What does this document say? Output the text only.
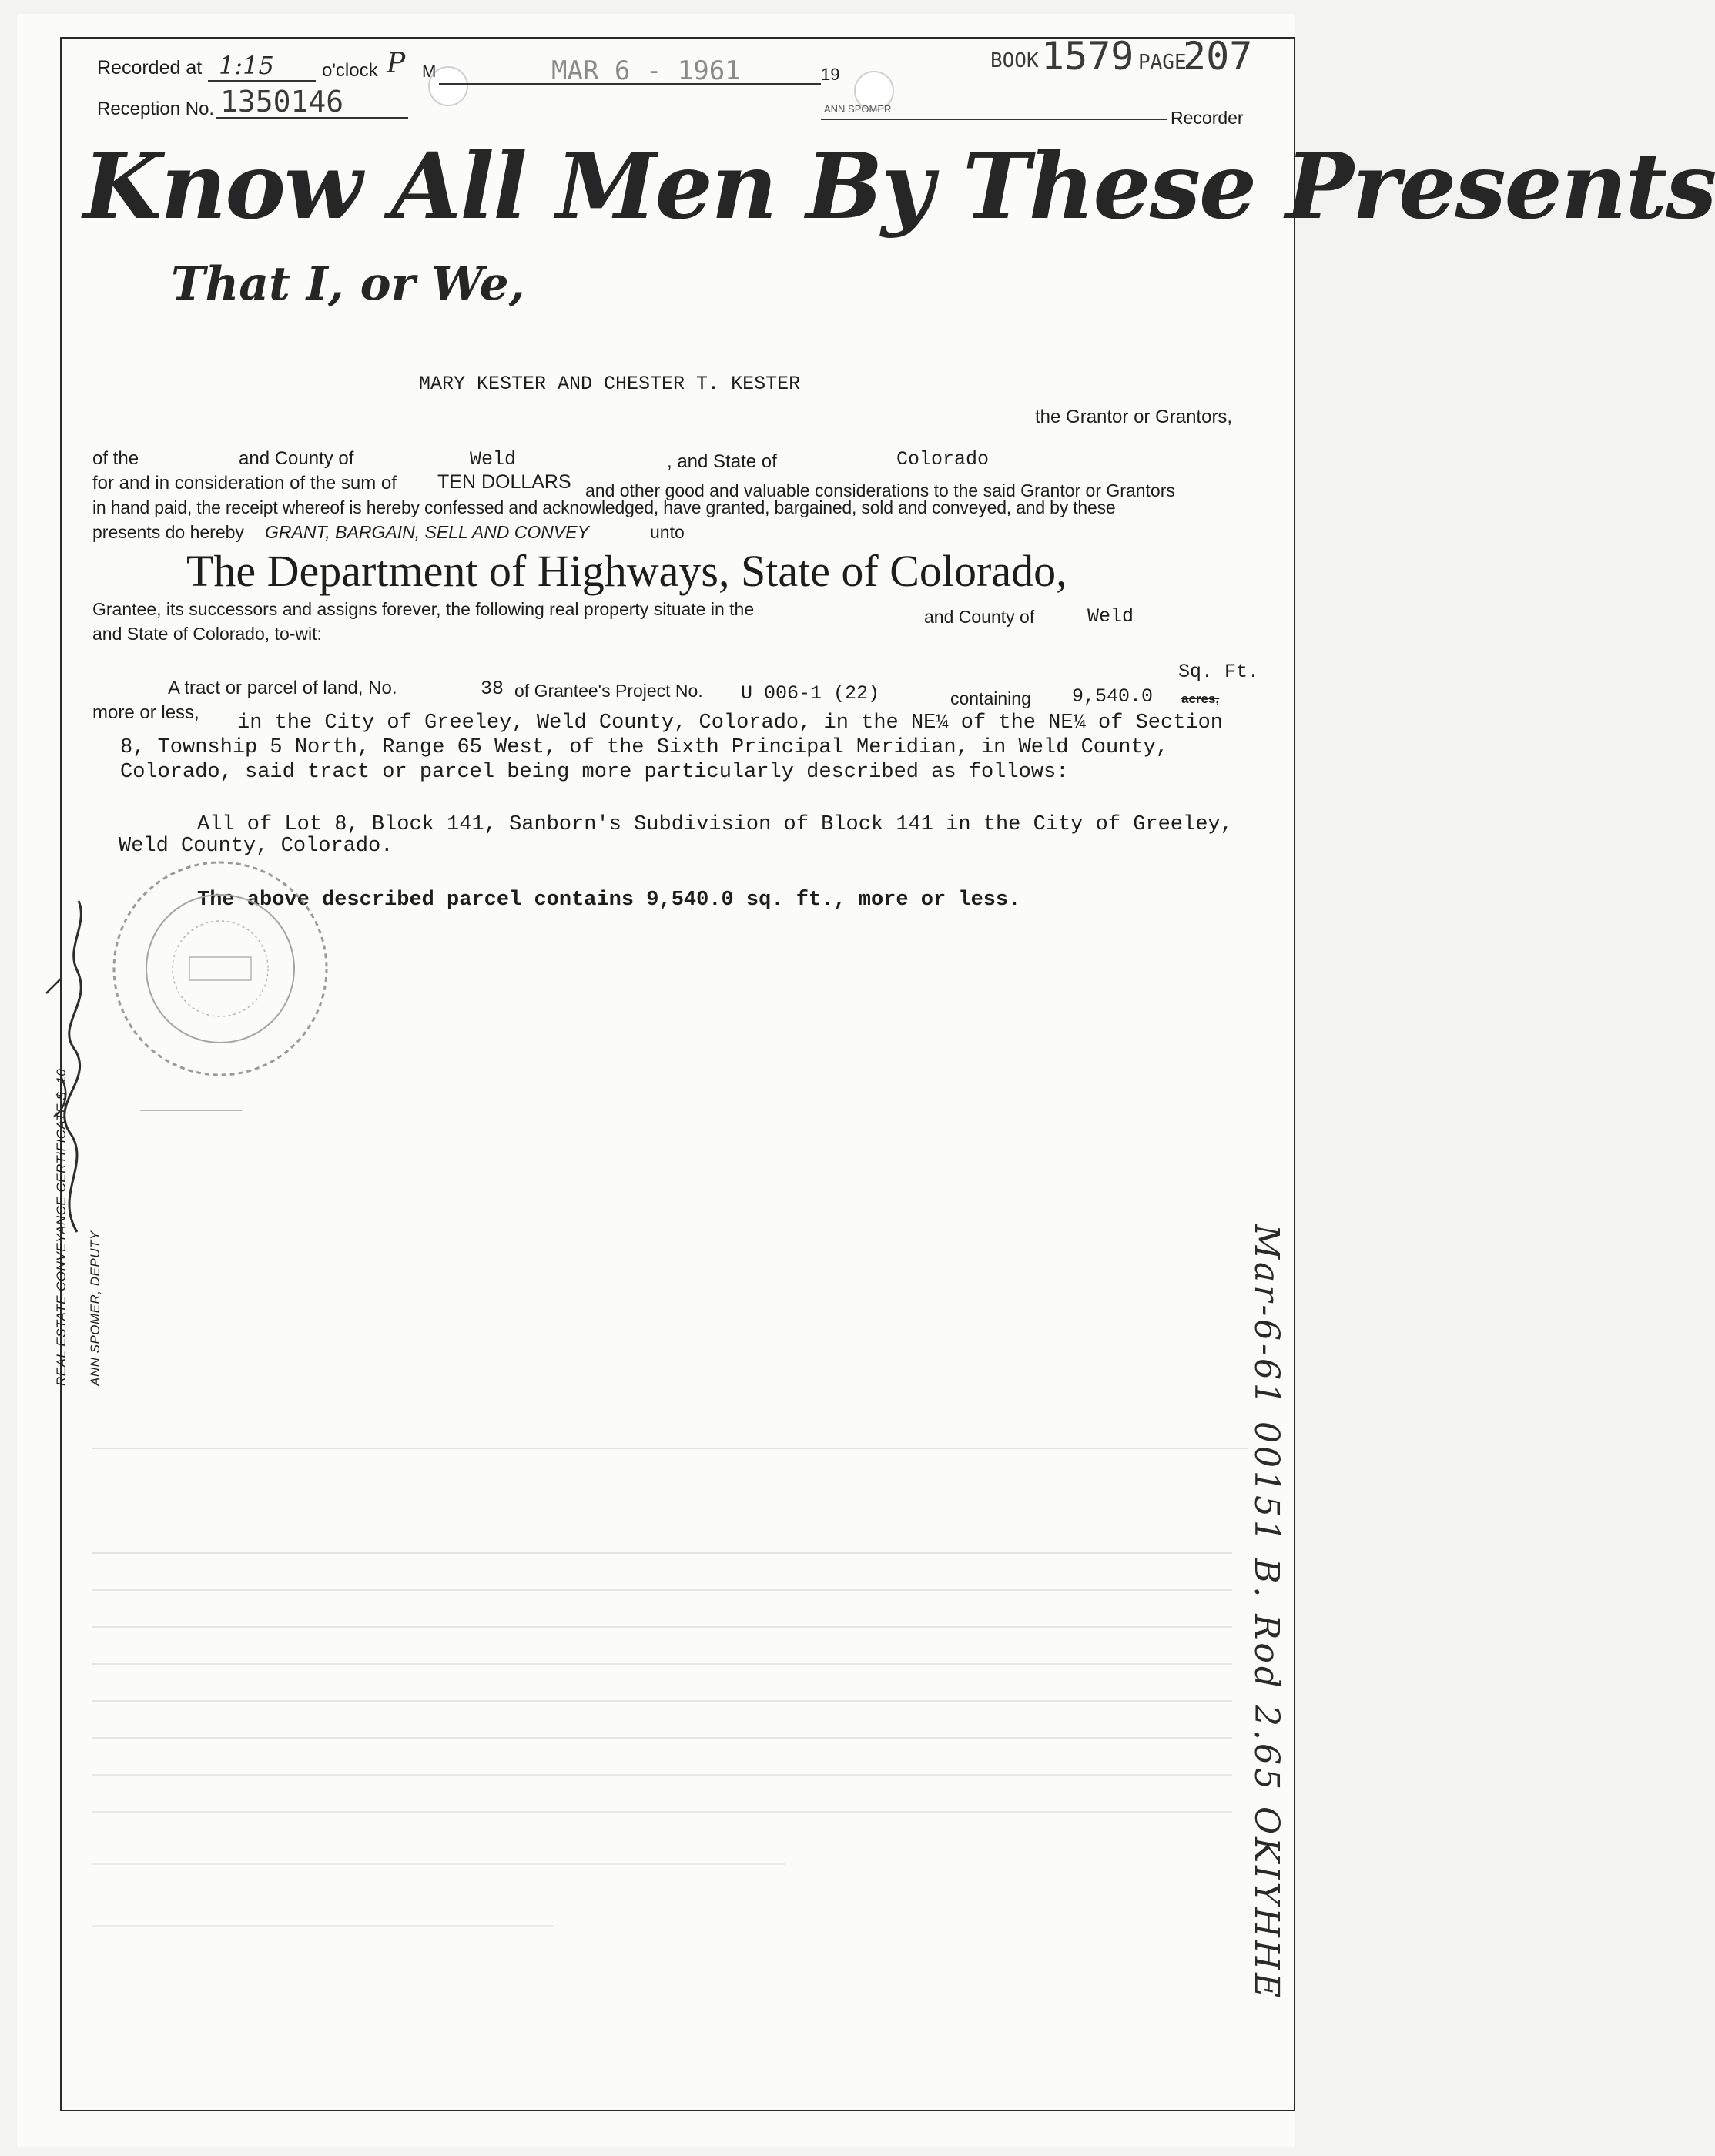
Recorded at 1:15	o'clock P M	MAR 6 - 1961	19
BOOK 1579 PAGE
207
Reception No. 1350146	ANN SPOMER	Recorder
Know All Men By These Presents
That I, or We,
MARY KESTER AND CHESTER T. KESTER
the Grantor or Grantors,
of the	and County of	Weld	, and State of	Colorado
for and in consideration of the sum of TEN DOLLARS and other good and valuable considerations to the said Grantor or Grantors
in hand paid, the receipt whereof is hereby confessed and acknowledged, have granted, bargained, sold and conveyed, and by these
presents do hereby GRANT, BARGAIN, SELL AND CONVEY	unto
The Department of Highways, State of Colorado,
Grantee, its successors and assigns forever, the following real property situate in the	and County of	Weld
and State of Colorado, to-wit:
Sq. Ft.
A tract or parcel of land, No.	38 of Grantee's Project No. U 006-1 (22)	containing 9,540.0 acres,
more or less, in the City of Greeley, Weld County, Colorado, in the NE¼ of the NE¼ of Section
8, Township 5 North, Range 65 West, of the Sixth Principal Meridian, in Weld County,
Colorado, said tract or parcel being more particularly described as follows:
All of Lot 8, Block 141, Sanborn's Subdivision of Block 141 in the City of Greeley,
Weld County, Colorado.
The above described parcel contains 9,540.0 sq. ft., more or less.
——————————
REAL ESTATE CONVEYANCE CERTIFICATE $ .10 ANN SPOMER, DEPUTY	Mar-6-61 00151 B. Rod 2.65 OKIYHHE
